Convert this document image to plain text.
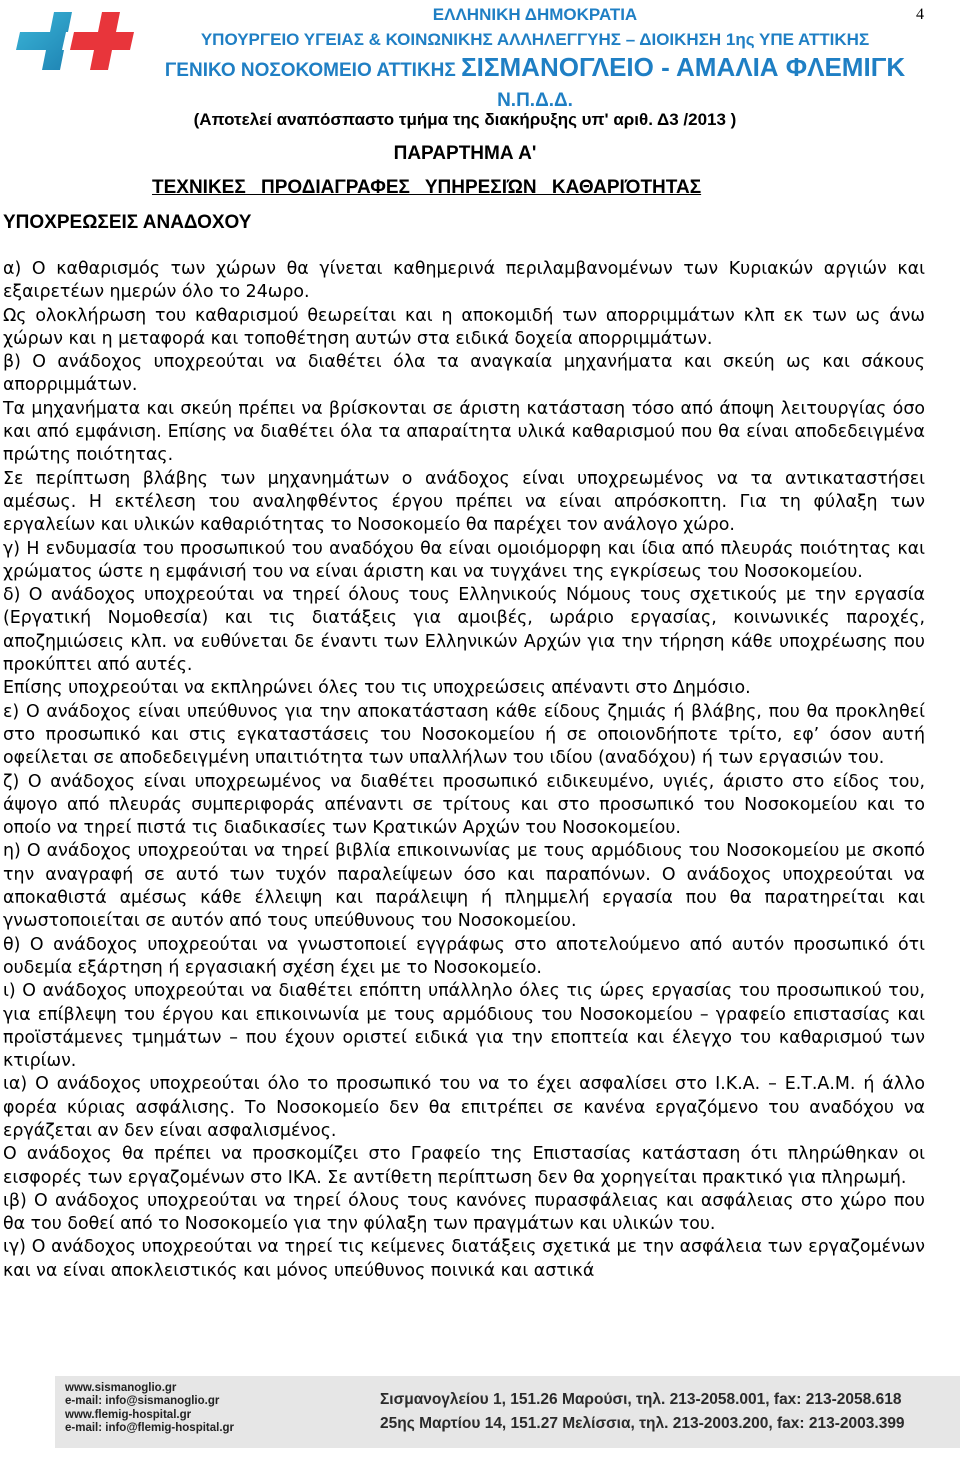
ΕΛΛΗΝΙΚΗ ΔΗΜΟΚΡΑΤΙΑ
ΥΠΟΥΡΓΕΙΟ ΥΓΕΙΑΣ & ΚΟΙΝΩΝΙΚΗΣ ΑΛΛΗΛΕΓΓΥΗΣ – ΔΙΟΙΚΗΣΗ 1ης ΥΠΕ ΑΤΤΙΚΗΣ
ΓΕΝΙΚΟ ΝΟΣΟΚΟΜΕΙΟ ΑΤΤΙΚΗΣ ΣΙΣΜΑΝΟΓΛΕΙΟ - ΑΜΑΛΙΑ ΦΛΕΜΙΓΚ Ν.Π.Δ.Δ.
4
(Αποτελεί αναπόσπαστο τμήμα της διακήρυξης υπ' αριθ. Δ3 /2013 )
ΠΑΡΑΡΤΗΜΑ Α'
ΤΕΧΝΙΚΕΣ ΠΡΟΔΙΑΓΡΑΦΕΣ ΥΠΗΡΕΣΙΏΝ ΚΑΘΑΡΙΌΤΗΤΑΣ
ΥΠΟΧΡΕΩΣΕΙΣ ΑΝΑΔΟΧΟΥ

α) Ο καθαρισμός των χώρων θα γίνεται καθημερινά περιλαμβανομένων των Κυριακών αργιών και εξαιρετέων ημερών όλο το 24ωρο.

Ως ολοκλήρωση του καθαρισμού θεωρείται και η αποκομιδή των απορριμμάτων κλπ εκ των ως άνω χώρων και η μεταφορά και τοποθέτηση αυτών στα ειδικά δοχεία απορριμμάτων.

β) Ο ανάδοχος υποχρεούται να διαθέτει όλα τα αναγκαία μηχανήματα και σκεύη ως και σάκους απορριμμάτων.

Τα μηχανήματα και σκεύη πρέπει να βρίσκονται σε άριστη κατάσταση τόσο από άποψη λειτουργίας όσο και από εμφάνιση. Επίσης να διαθέτει όλα τα απαραίτητα υλικά καθαρισμού που θα είναι αποδεδειγμένα πρώτης ποιότητας.

Σε περίπτωση βλάβης των μηχανημάτων ο ανάδοχος είναι υποχρεωμένος να τα αντικαταστήσει αμέσως. Η εκτέλεση του αναληφθέντος έργου πρέπει να είναι απρόσκοπτη. Για τη φύλαξη των εργαλείων και υλικών καθαριότητας το Νοσοκομείο θα παρέχει τον ανάλογο χώρο.

γ) Η ενδυμασία του προσωπικού του αναδόχου θα είναι ομοιόμορφη και ίδια από πλευράς ποιότητας και χρώματος ώστε η εμφάνισή του να είναι άριστη και να τυγχάνει της εγκρίσεως του Νοσοκομείου.

δ) Ο ανάδοχος υποχρεούται να τηρεί όλους τους Ελληνικούς Νόμους τους σχετικούς με την εργασία (Εργατική Νομοθεσία) και τις διατάξεις για αμοιβές, ωράριο εργασίας, κοινωνικές παροχές, αποζημιώσεις κλπ. να ευθύνεται δε έναντι των Ελληνικών Αρχών για την τήρηση κάθε υποχρέωσης που προκύπτει από αυτές.

Επίσης υποχρεούται να εκπληρώνει όλες του τις υποχρεώσεις απέναντι στο Δημόσιο.

ε) Ο ανάδοχος είναι υπεύθυνος για την αποκατάσταση κάθε είδους ζημιάς ή βλάβης, που θα προκληθεί στο προσωπικό και στις εγκαταστάσεις του Νοσοκομείου ή σε οποιονδήποτε τρίτο, εφ’ όσον αυτή οφείλεται σε αποδεδειγμένη υπαιτιότητα των υπαλλήλων του ιδίου (αναδόχου) ή των εργασιών του.

ζ) Ο ανάδοχος είναι υποχρεωμένος να διαθέτει προσωπικό ειδικευμένο, υγιές, άριστο στο είδος του, άψογο από πλευράς συμπεριφοράς απέναντι σε τρίτους και στο προσωπικό του Νοσοκομείου και το οποίο να τηρεί πιστά τις διαδικασίες των Κρατικών Αρχών του Νοσοκομείου.

η) Ο ανάδοχος υποχρεούται να τηρεί βιβλία επικοινωνίας με τους αρμόδιους του Νοσοκομείου με σκοπό την αναγραφή σε αυτό των τυχόν παραλείψεων όσο και παραπόνων. Ο ανάδοχος υποχρεούται να αποκαθιστά αμέσως κάθε έλλειψη και παράλειψη ή πλημμελή εργασία που θα παρατηρείται και γνωστοποιείται σε αυτόν από τους υπεύθυνους του Νοσοκομείου.

θ) Ο ανάδοχος υποχρεούται να γνωστοποιεί εγγράφως στο αποτελούμενο από αυτόν προσωπικό ότι ουδεμία εξάρτηση ή εργασιακή σχέση έχει με το Νοσοκομείο.

ι) Ο ανάδοχος υποχρεούται να διαθέτει επόπτη υπάλληλο όλες τις ώρες εργασίας του προσωπικού του, για επίβλεψη του έργου και επικοινωνία με τους αρμόδιους του Νοσοκομείου – γραφείο επιστασίας και προϊστάμενες τμημάτων – που έχουν οριστεί ειδικά για την εποπτεία και έλεγχο του καθαρισμού των κτιρίων.

ια) Ο ανάδοχος υποχρεούται όλο το προσωπικό του να το έχει ασφαλίσει στο Ι.Κ.Α. – Ε.Τ.Α.Μ. ή άλλο φορέα κύριας ασφάλισης. Το Νοσοκομείο δεν θα επιτρέπει σε κανένα εργαζόμενο του αναδόχου να εργάζεται αν δεν είναι ασφαλισμένος.

Ο ανάδοχος θα πρέπει να προσκομίζει στο Γραφείο της Επιστασίας κατάσταση ότι πληρώθηκαν οι εισφορές των εργαζομένων στο ΙΚΑ. Σε αντίθετη περίπτωση δεν θα χορηγείται πρακτικό για πληρωμή.

ιβ) Ο ανάδοχος υποχρεούται να τηρεί όλους τους κανόνες πυρασφάλειας και ασφάλειας στο χώρο που θα του δοθεί από το Νοσοκομείο για την φύλαξη των πραγμάτων και υλικών του.

ιγ) Ο ανάδοχος υποχρεούται να τηρεί τις κείμενες διατάξεις σχετικά με την ασφάλεια των εργαζομένων και να είναι αποκλειστικός και μόνος υπεύθυνος ποινικά και αστικά

www.sismanoglio.gr
e-mail: info@sismanoglio.gr
www.flemig-hospital.gr
e-mail: info@flemig-hospital.gr
Σισμανογλείου 1, 151.26 Μαρούσι, τηλ. 213-2058.001, fax: 213-2058.618
25ης Μαρτίου 14, 151.27 Μελίσσια, τηλ. 213-2003.200, fax: 213-2003.399
